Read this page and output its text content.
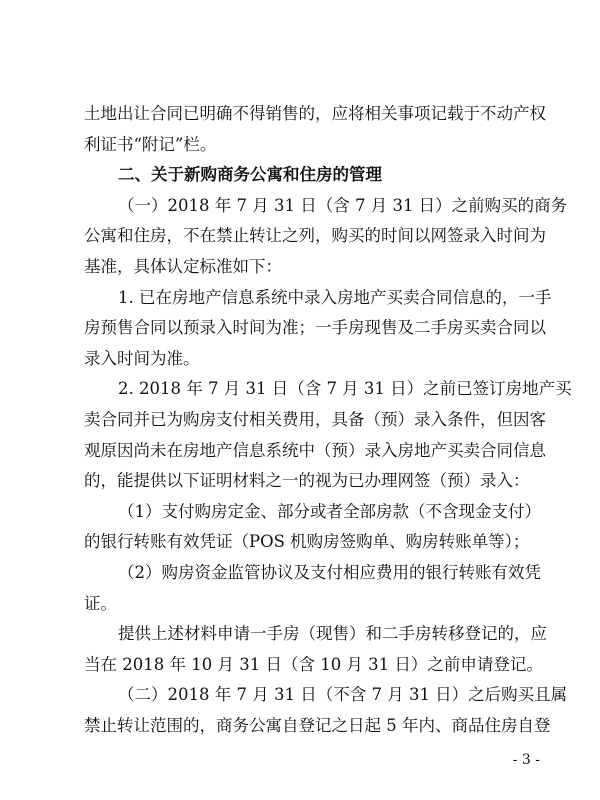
土地出让合同已明确不得销售的，应将相关事项记载于不动产权
利证书“附记”栏。
二、关于新购商务公寓和住房的管理
（一）2018 年 7 月 31 日（含 7 月 31 日）之前购买的商务
公寓和住房，不在禁止转让之列，购买的时间以网签录入时间为
基准，具体认定标准如下：
1. 已在房地产信息系统中录入房地产买卖合同信息的，一手
房预售合同以预录入时间为准；一手房现售及二手房买卖合同以
录入时间为准。
2. 2018 年 7 月 31 日（含 7 月 31 日）之前已签订房地产买
卖合同并已为购房支付相关费用，具备（预）录入条件，但因客
观原因尚未在房地产信息系统中（预）录入房地产买卖合同信息
的，能提供以下证明材料之一的视为已办理网签（预）录入：
（1）支付购房定金、部分或者全部房款（不含现金支付）
的银行转账有效凭证（POS 机购房签购单、购房转账单等）；
（2）购房资金监管协议及支付相应费用的银行转账有效凭
证。
提供上述材料申请一手房（现售）和二手房转移登记的，应
当在 2018 年 10 月 31 日（含 10 月 31 日）之前申请登记。
- 3 -
（二）2018 年 7 月 31 日（不含 7 月 31 日）之后购买且属
禁止转让范围的，商务公寓自登记之日起 5 年内、商品住房自登
